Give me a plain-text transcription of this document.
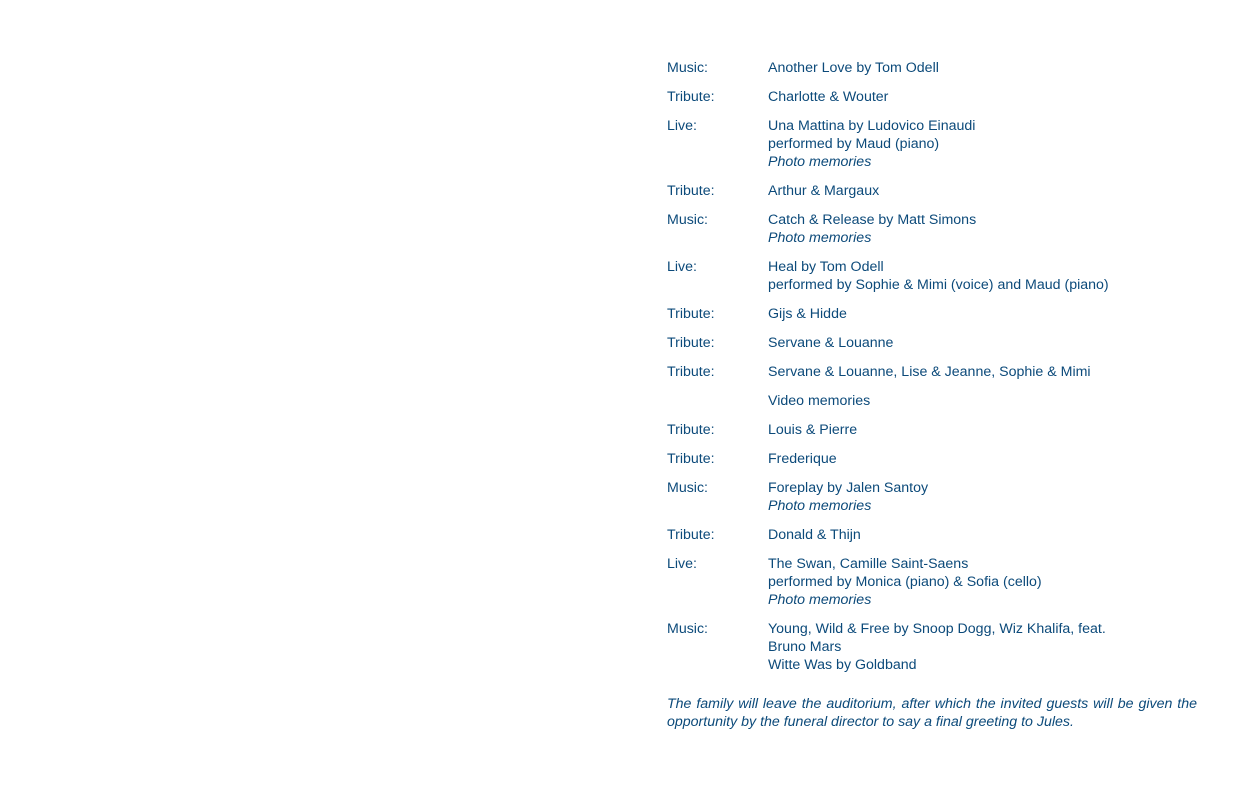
Music:	Another Love by Tom Odell
Tribute:	Charlotte & Wouter
Live:	Una Mattina by Ludovico Einaudi
performed by Maud (piano)
Photo memories
Tribute:	Arthur & Margaux
Music:	Catch & Release by Matt Simons
Photo memories
Live:	Heal by Tom Odell
performed by Sophie & Mimi (voice) and Maud (piano)
Tribute:	Gijs & Hidde
Tribute:	Servane & Louanne
Tribute:	Servane & Louanne, Lise & Jeanne, Sophie & Mimi
Video memories
Tribute:	Louis & Pierre
Tribute:	Frederique
Music:	Foreplay by Jalen Santoy
Photo memories
Tribute:	Donald & Thijn
Live:	The Swan, Camille Saint-Saens
performed by Monica (piano) & Sofia (cello)
Photo memories
Music:	Young, Wild & Free by Snoop Dogg, Wiz Khalifa, feat.
Bruno Mars
Witte Was by Goldband
The family will leave the auditorium, after which the invited guests will be given the opportunity by the funeral director to say a final greeting to Jules.
